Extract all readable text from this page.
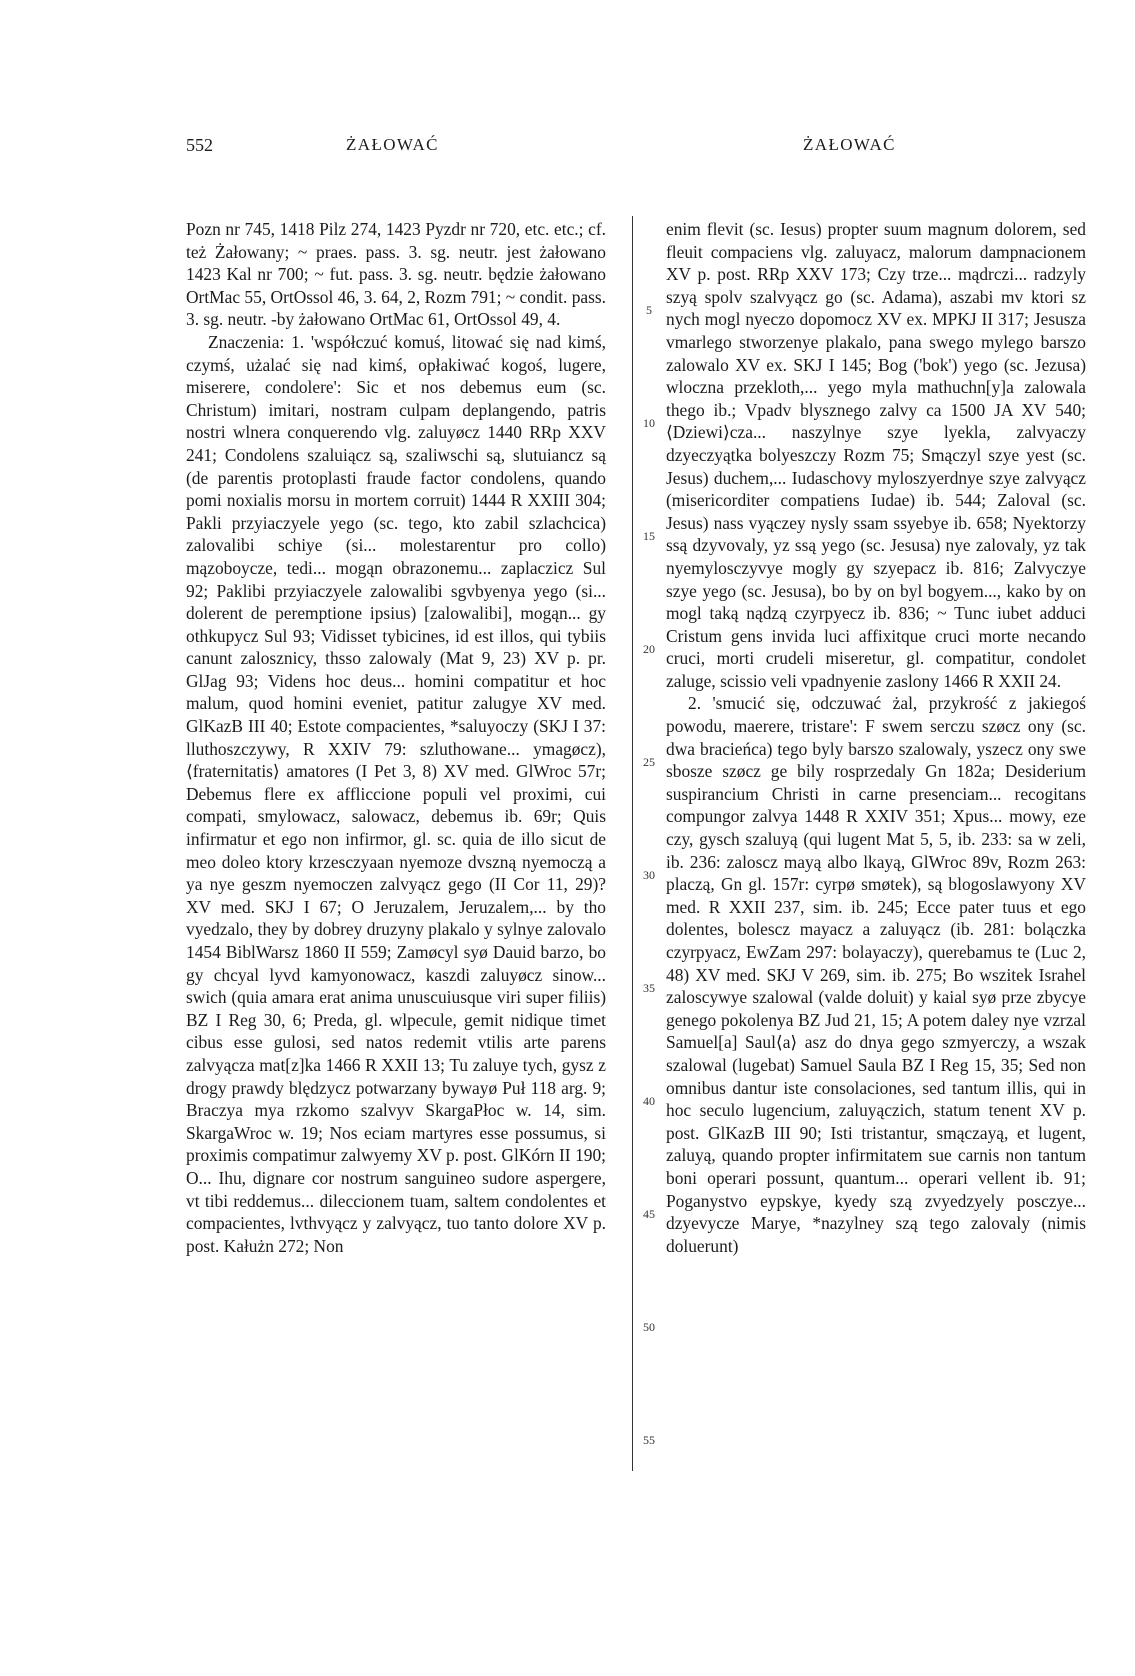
552	ŻAŁOWAĆ	ŻAŁOWAĆ

Pozn nr 745, 1418 Pilz 274, 1423 Pyzdr nr 720, etc. etc.; cf. też Żałowany; ~ praes. pass. 3. sg. neutr. jest żałowano 1423 Kal nr 700; ~ fut. pass. 3. sg. neutr. będzie żałowano OrtMac 55, OrtOssol 46, 3. 64, 2, Rozm 791; ~ condit. pass. 3. sg. neutr. -by żałowano OrtMac 61, OrtOssol 49, 4.

Znaczenia: 1. 'współczuć komuś, litować się nad kimś, czymś, użalać się nad kimś, opłakiwać kogoś, lugere, miserere, condolere': Sic et nos debemus eum (sc. Christum) imitari, nostram culpam deplangendo, patris nostri wlnera conquerendo vlg. zaluyøcz 1440 RRp XXV 241; Condolens szaluiącz są, szaliwschi są, slutuiancz są (de parentis protoplasti fraude factor condolens, quando pomi noxialis morsu in mortem corruit) 1444 R XXIII 304; Pakli przyiaczyele yego (sc. tego, kto zabil szlachcica) zalovalibi schiye (si... molestarentur pro collo) mązoboycze, tedi... mogąn obrazonemu... zaplaczicz Sul 92; Paklibi przyiaczyele zalowalibi sgvbyenya yego (si... dolerent de peremptione ipsius) [zalowalibi], mogąn... gy othkupycz Sul 93; Vidisset tybicines, id est illos, qui tybiis canunt zalosznicy, thsso zalowaly (Mat 9, 23) XV p. pr. GlJag 93; Videns hoc deus... homini compatitur et hoc malum, quod homini eveniet, patitur zalugye XV med. GlKazB III 40; Estote compacientes, *saluyoczy (SKJ I 37: lluthoszczywy, R XXIV 79: szluthowane... ymagøcz), ⟨fraternitatis⟩ amatores (I Pet 3, 8) XV med. GlWroc 57r; Debemus flere ex affliccione populi vel proximi, cui compati, smylowacz, salowacz, debemus ib. 69r; Quis infirmatur et ego non infirmor, gl. sc. quia de illo sicut de meo doleo ktory krzesczyaan nyemoze dvszną nyemoczą a ya nye geszm nyemoczen zalvyącz gego (II Cor 11, 29)? XV med. SKJ I 67; O Jeruzalem, Jeruzalem,... by tho vyedzalo, they by dobrey druzyny plakalo y sylnye zalovalo 1454 BiblWarsz 1860 II 559; Zamøcyl syø Dauid barzo, bo gy chcyal lyvd kamyonowacz, kaszdi zaluyøcz sinow... swich (quia amara erat anima unuscuiusque viri super filiis) BZ I Reg 30, 6; Preda, gl. wlpecule, gemit nidique timet cibus esse gulosi, sed natos redemit vtilis arte parens zalvyącza mat[z]ka 1466 R XXII 13; Tu zaluye tych, gysz z drogy prawdy blędzycz potwarzany bywayø Puł 118 arg. 9; Braczya mya rzkomo szalvyv SkargaPłoc w. 14, sim. SkargaWroc w. 19; Nos eciam martyres esse possumus, si proximis compatimur zalwyemy XV p. post. GlKórn II 190; O... Ihu, dignare cor nostrum sanguineo sudore aspergere, vt tibi reddemus... dileccionem tuam, saltem condolentes et compacientes, lvthvyącz y zalvyącz, tuo tanto dolore XV p. post. Kałużn 272; Non

5
10
15
20
25
30
35
40
45
50
55

enim flevit (sc. Iesus) propter suum magnum dolorem, sed fleuit compaciens vlg. zaluyacz, malorum dampnacionem XV p. post. RRp XXV 173; Czy trze... mądrczi... radzyly szyą spolv szalvyącz go (sc. Adama), aszabi mv ktori sz nych mogl nyeczo dopomocz XV ex. MPKJ II 317; Jesusza vmarlego stworzenye plakalo, pana swego mylego barszo zalowalo XV ex. SKJ I 145; Bog ('bok') yego (sc. Jezusa) wloczna przekloth,... yego myla mathuchn[y]a zalowala thego ib.; Vpadv blysznego zalvy ca 1500 JA XV 540; ⟨Dziewi⟩cza... naszylnye szye lyekla, zalvyaczy dzyeczyątka bolyeszczy Rozm 75; Smączyl szye yest (sc. Jesus) duchem,... Iudaschovy myloszyerdnye szye zalvyącz (misericorditer compatiens Iudae) ib. 544; Zaloval (sc. Jesus) nass vyączey nysly ssam ssyebye ib. 658; Nyektorzy ssą dzyvovaly, yz ssą yego (sc. Jesusa) nye zalovaly, yz tak nyemylosczyvye mogly gy szyepacz ib. 816; Zalvyczye szye yego (sc. Jesusa), bo by on byl bogyem..., kako by on mogl taką nądzą czyrpyecz ib. 836; ~ Tunc iubet adduci Cristum gens invida luci affixitque cruci morte necando cruci, morti crudeli miseretur, gl. compatitur, condolet zaluge, scissio veli vpadnyenie zaslony 1466 R XXII 24.

2. 'smucić się, odczuwać żal, przykrość z jakiegoś powodu, maerere, tristare': F swem serczu szøcz ony (sc. dwa bracieńca) tego byly barszo szalowaly, yszecz ony swe sbosze szøcz ge bily rosprzedaly Gn 182a; Desiderium suspirancium Christi in carne presenciam... recogitans compungor zalvya 1448 R XXIV 351; Xpus... mowy, eze czy, gysch szaluyą (qui lugent Mat 5, 5, ib. 233: sa w zeli, ib. 236: zaloscz mayą albo lkayą, GlWroc 89v, Rozm 263: placzą, Gn gl. 157r: cyrpø smøtek), są blogoslawyony XV med. R XXII 237, sim. ib. 245; Ecce pater tuus et ego dolentes, bolescz mayacz a zaluyącz (ib. 281: bolączka czyrpyacz, EwZam 297: bolayaczy), querebamus te (Luc 2, 48) XV med. SKJ V 269, sim. ib. 275; Bo wszitek Israhel zaloscywye szalowal (valde doluit) y kaial syø prze zbycye genego pokolenya BZ Jud 21, 15; A potem daley nye vzrzal Samuel[a] Saul⟨a⟩ asz do dnya gego szmyerczy, a wszak szalowal (lugebat) Samuel Saula BZ I Reg 15, 35; Sed non omnibus dantur iste consolaciones, sed tantum illis, qui in hoc seculo lugencium, zaluyączich, statum tenent XV p. post. GlKazB III 90; Isti tristantur, smączayą, et lugent, zaluyą, quando propter infirmitatem sue carnis non tantum boni operari possunt, quantum... operari vellent ib. 91; Poganystvo eypskye, kyedy szą zvyedzyely posczye... dzyevycze Marye, *nazylney szą tego zalovaly (nimis doluerunt)
